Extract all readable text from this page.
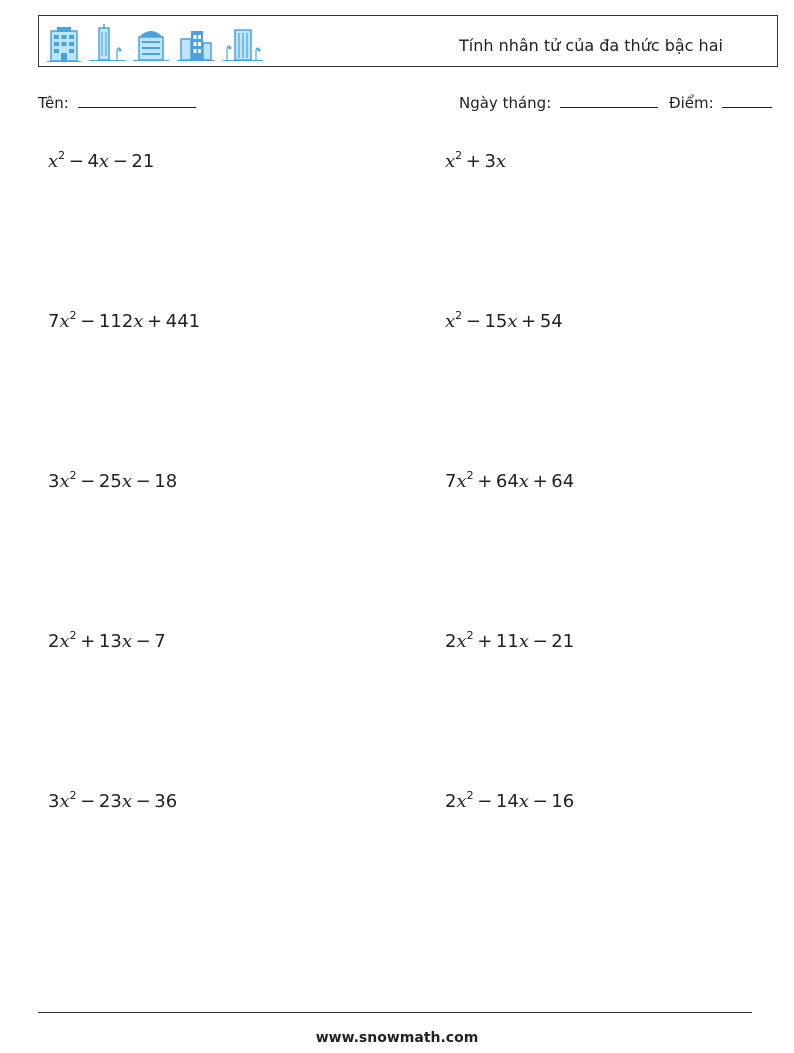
Tính nhân tử của đa thức bậc hai
Tên:	Ngày tháng:	Điểm:
$x^2 - 4x - 21$	$x^2 + 3x$
$7x^2 - 112x + 441$	$x^2 - 15x + 54$
$3x^2 - 25x - 18$	$7x^2 + 64x + 64$
$2x^2 + 13x - 7$	$2x^2 + 11x - 21$
$3x^2 - 23x - 36$	$2x^2 - 14x - 16$
www.snowmath.com
